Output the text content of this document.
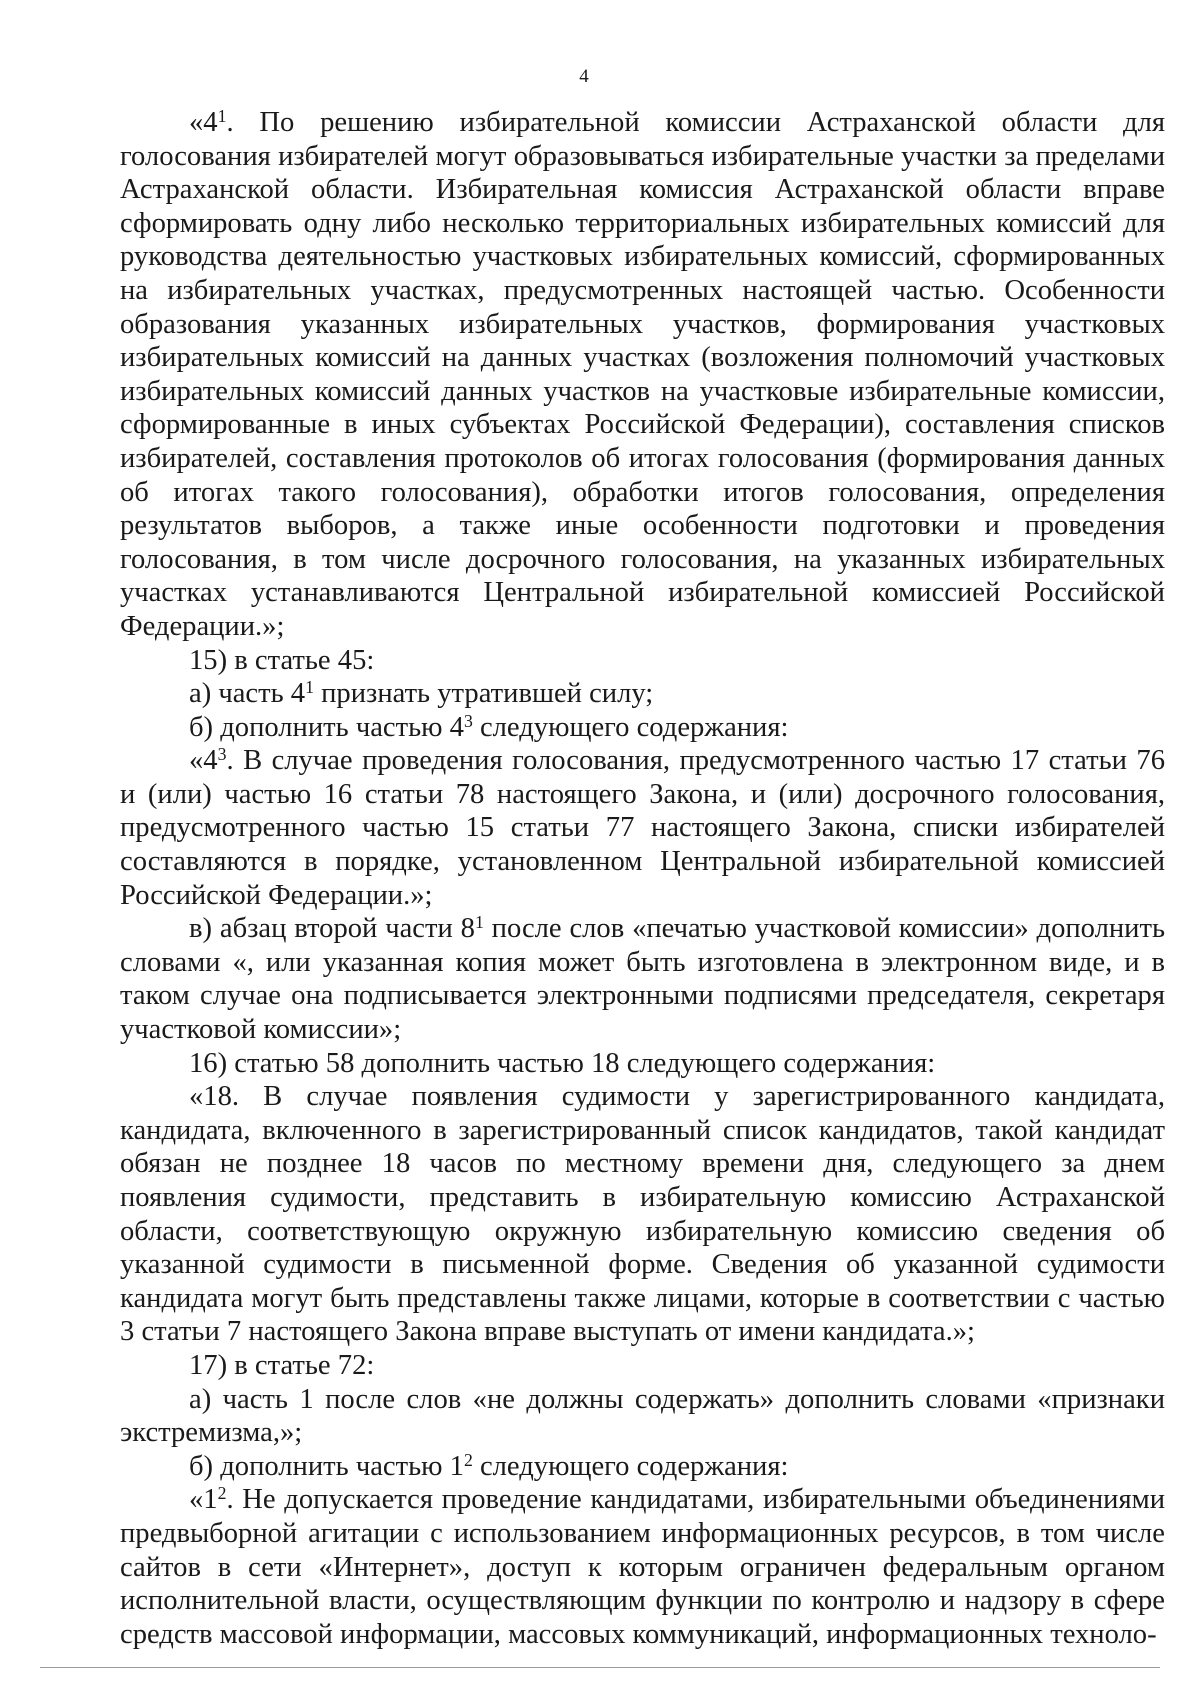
4

«$4^1$. По решению избирательной комиссии Астраханской области для голосования избирателей могут образовываться избирательные участки за пределами Астраханской области. Избирательная комиссия Астраханской области вправе сформировать одну либо несколько территориальных избирательных комиссий для руководства деятельностью участковых избирательных комиссий, сформированных на избирательных участках, предусмотренных настоящей частью. Особенности образования указанных избирательных участков, формирования участковых избирательных комиссий на данных участках (возложения полномочий участковых избирательных комиссий данных участков на участковые избирательные комиссии, сформированные в иных субъектах Российской Федерации), составления списков избирателей, составления протоколов об итогах голосования (формирования данных об итогах такого голосования), обработки итогов голосования, определения результатов выборов, а также иные особенности подготовки и проведения голосования, в том числе досрочного голосования, на указанных избирательных участках устанавливаются Центральной избирательной комиссией Российской Федерации.»;

15) в статье 45:

а) часть $4^1$ признать утратившей силу;

б) дополнить частью $4^3$ следующего содержания:

«$4^3$. В случае проведения голосования, предусмотренного частью 17 статьи 76 и (или) частью 16 статьи 78 настоящего Закона, и (или) досрочного голосования, предусмотренного частью 15 статьи 77 настоящего Закона, списки избирателей составляются в порядке, установленном Центральной избирательной комиссией Российской Федерации.»;

в) абзац второй части $8^1$ после слов «печатью участковой комиссии» дополнить словами «, или указанная копия может быть изготовлена в электронном виде, и в таком случае она подписывается электронными подписями председателя, секретаря участковой комиссии»;

16) статью 58 дополнить частью 18 следующего содержания:

«18. В случае появления судимости у зарегистрированного кандидата, кандидата, включенного в зарегистрированный список кандидатов, такой кандидат обязан не позднее 18 часов по местному времени дня, следующего за днем появления судимости, представить в избирательную комиссию Астраханской области, соответствующую окружную избирательную комиссию сведения об указанной судимости в письменной форме. Сведения об указанной судимости кандидата могут быть представлены также лицами, которые в соответствии с частью 3 статьи 7 настоящего Закона вправе выступать от имени кандидата.»;

17) в статье 72:

а) часть 1 после слов «не должны содержать» дополнить словами «признаки экстремизма,»;

б) дополнить частью $1^2$ следующего содержания:

«$1^2$. Не допускается проведение кандидатами, избирательными объединениями предвыборной агитации с использованием информационных ресурсов, в том числе сайтов в сети «Интернет», доступ к которым ограничен федеральным органом исполнительной власти, осуществляющим функции по контролю и надзору в сфере средств массовой информации, массовых коммуникаций, информационных техноло-
